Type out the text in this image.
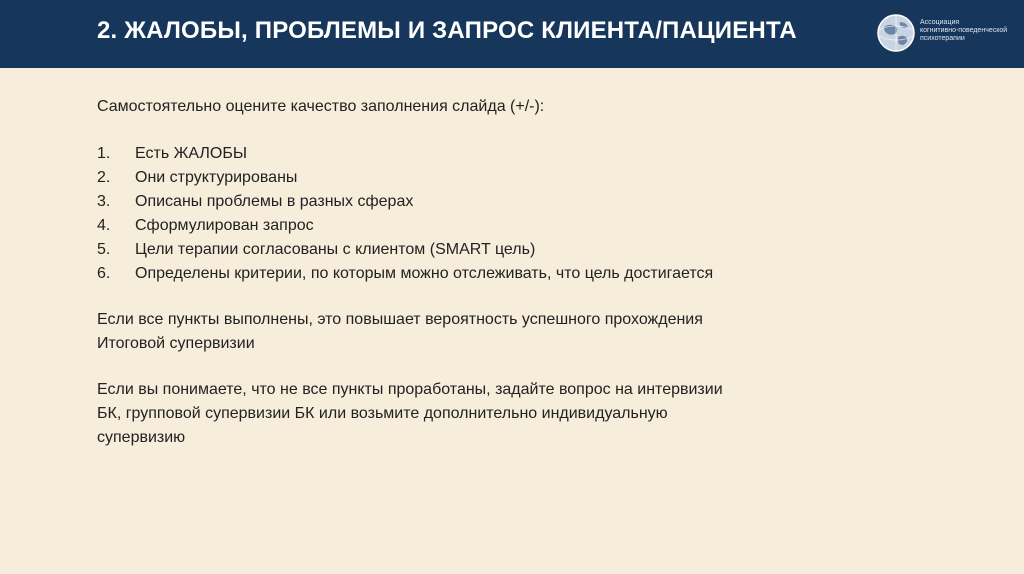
2. ЖАЛОБЫ, ПРОБЛЕМЫ И ЗАПРОС КЛИЕНТА/ПАЦИЕНТА	Ассоциация
когнитивно-поведенческой
психотерапии

Самостоятельно оцените качество заполнения слайда (+/-):

1. Есть ЖАЛОБЫ
2. Они структурированы
3. Описаны проблемы в разных сферах
4. Сформулирован запрос
5. Цели терапии согласованы с клиентом (SMART цель)
6. Определены критерии, по которым можно отслеживать, что цель достигается

Если все пункты выполнены, это повышает вероятность успешного прохождения
Итоговой супервизии

Если вы понимаете, что не все пункты проработаны, задайте вопрос на интервизии
БК, групповой супервизии БК или возьмите дополнительно индивидуальную
супервизию
